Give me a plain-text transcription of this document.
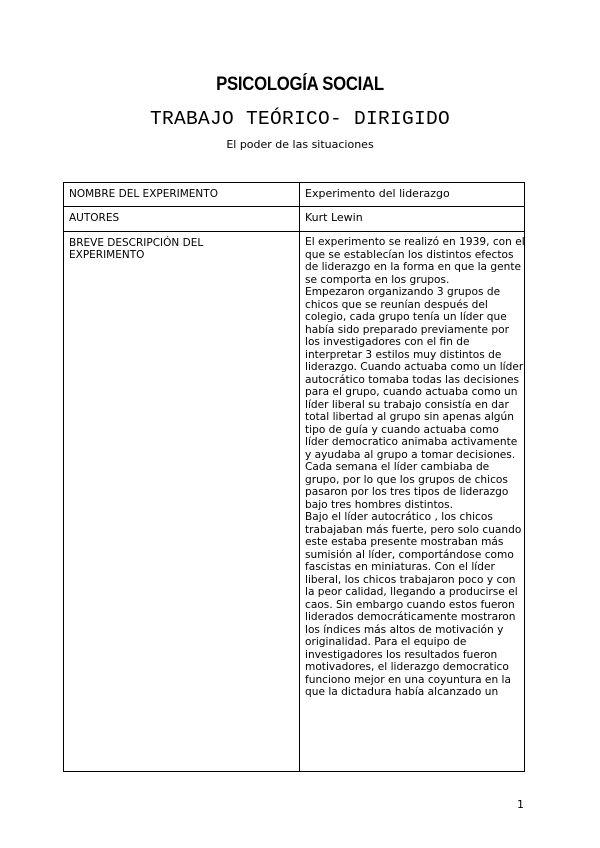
PSICOLOGÍA SOCIAL
TRABAJO TEÓRICO- DIRIGIDO
El poder de las situaciones
NOMBRE DEL EXPERIMENTO	Experimento del liderazgo
AUTORES	Kurt Lewin
BREVE DESCRIPCIÓN DEL EXPERIMENTO

El experimento se realizó en 1939, con el que se establecían los distintos efectos de liderazgo en la forma en que la gente se comporta en los grupos.

Empezaron organizando 3 grupos de chicos que se reunían después del colegio, cada grupo tenía un líder que había sido preparado previamente por los investigadores con el fin de interpretar 3 estilos muy distintos de liderazgo. Cuando actuaba como un líder autocrático tomaba todas las decisiones para el grupo, cuando actuaba como un líder liberal su trabajo consistía en dar total libertad al grupo sin apenas algún tipo de guía y cuando actuaba como líder democratico animaba activamente y ayudaba al grupo a tomar decisiones. Cada semana el líder cambiaba de grupo, por lo que los grupos de chicos pasaron por los tres tipos de liderazgo bajo tres hombres distintos.

Bajo el líder autocrático , los chicos trabajaban más fuerte, pero solo cuando este estaba presente mostraban más sumisión al líder, comportándose como fascistas en miniaturas. Con el líder liberal, los chicos trabajaron poco y con la peor calidad, llegando a producirse el caos. Sin embargo cuando estos fueron liderados democráticamente mostraron los índices más altos de motivación y originalidad. Para el equipo de investigadores los resultados fueron motivadores, el liderazgo democratico funciono mejor en una coyuntura en la que la dictadura había alcanzado un

1
